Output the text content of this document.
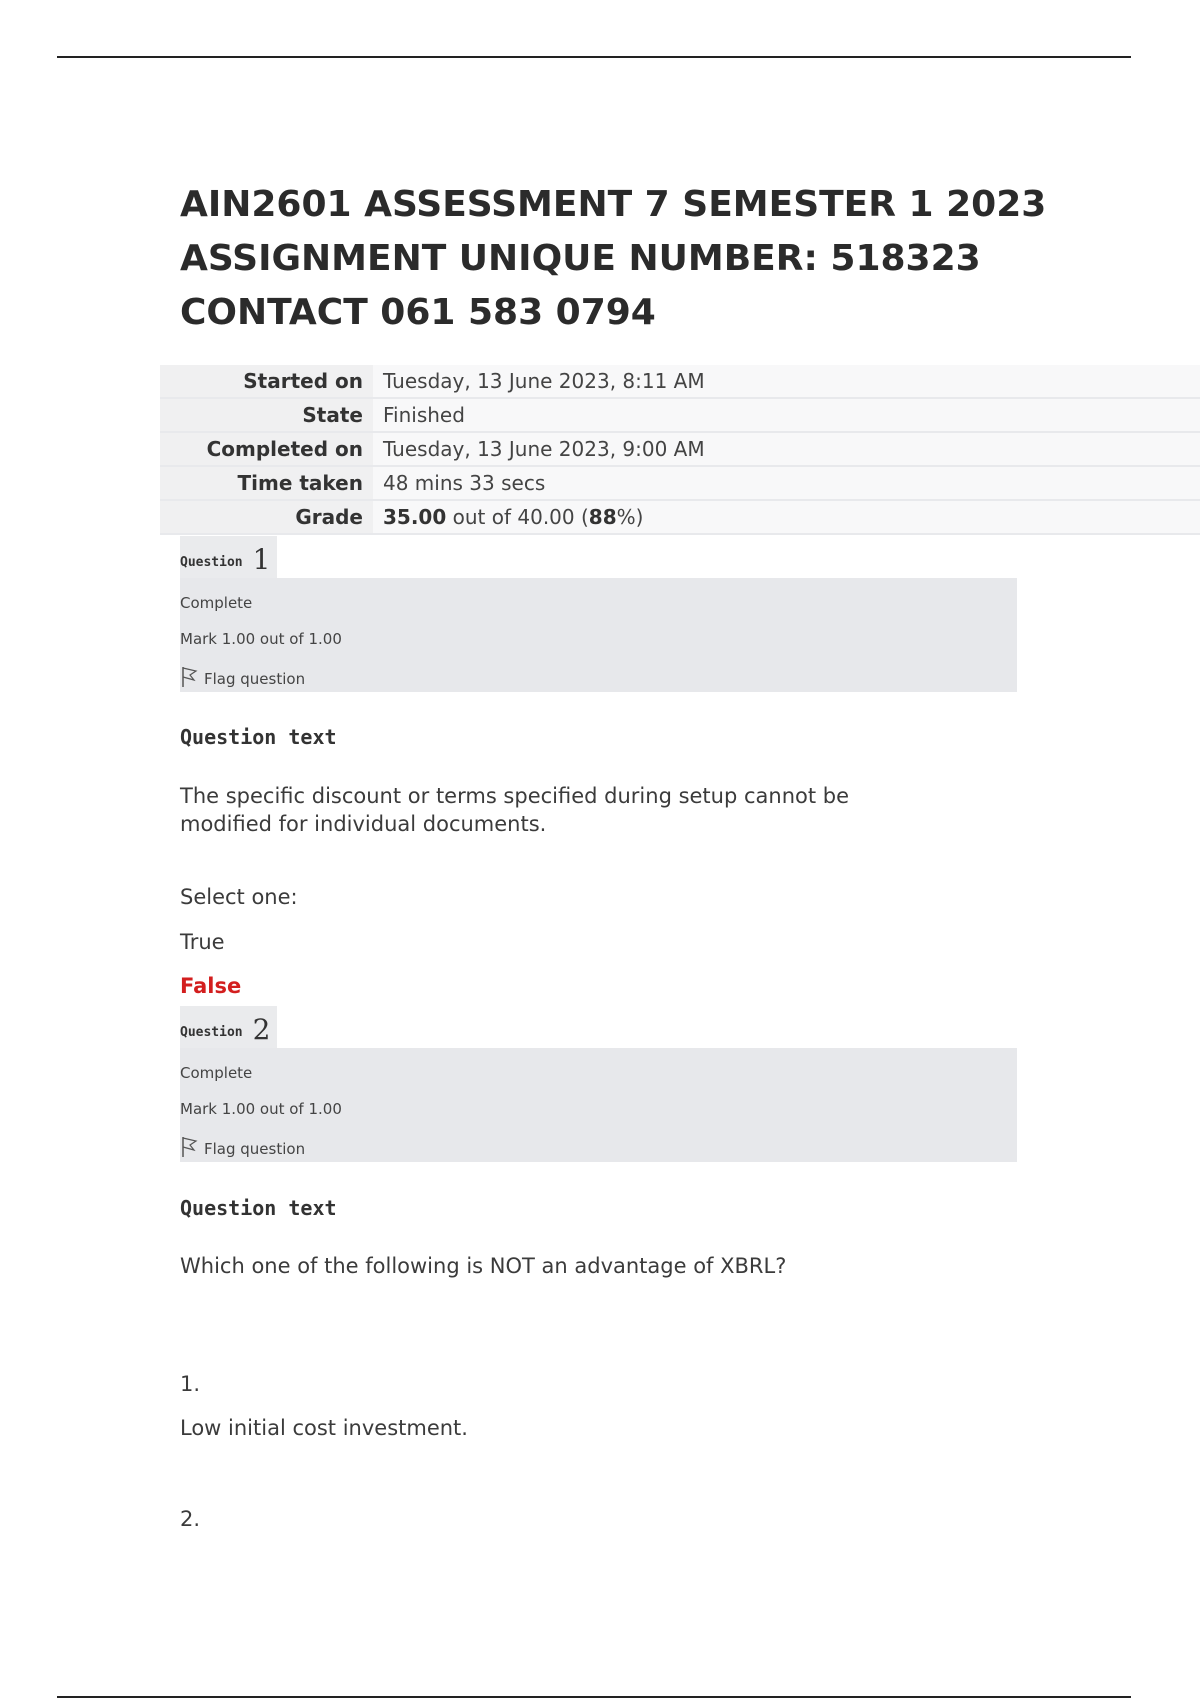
AIN2601 ASSESSMENT 7 SEMESTER 1 2023
ASSIGNMENT UNIQUE NUMBER: 518323
CONTACT 061 583 0794
Started on	Tuesday, 13 June 2023, 8:11 AM
State	Finished
Completed on	Tuesday, 13 June 2023, 9:00 AM
Time taken	48 mins 33 secs
Grade	35.00 out of 40.00 (88%)
Question 1
Complete
Mark 1.00 out of 1.00
Flag question
Question text
The specific discount or terms specified during setup cannot be modified for individual documents.
Select one:
True
False
Question 2
Complete
Mark 1.00 out of 1.00
Flag question
Question text
Which one of the following is NOT an advantage of XBRL?
1.
Low initial cost investment.
2.
